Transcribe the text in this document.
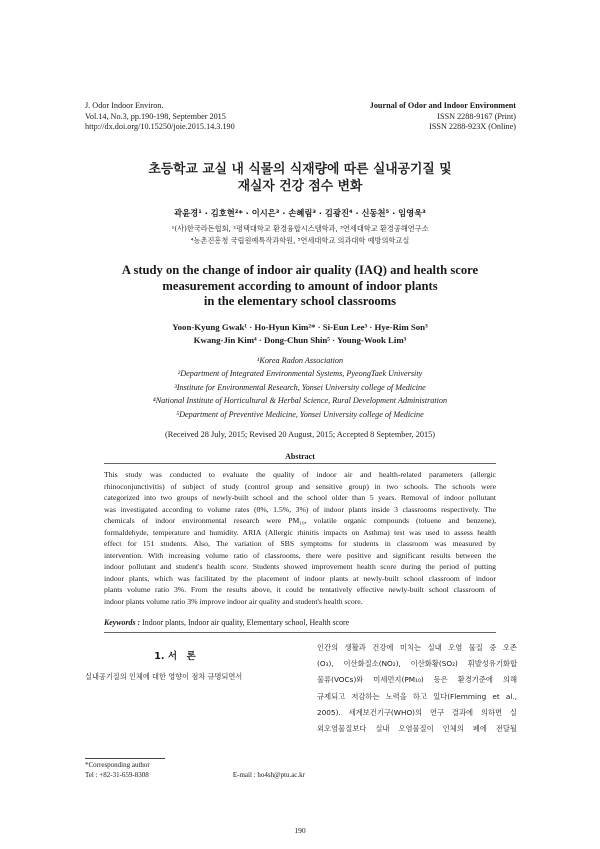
J. Odor Indoor Environ.
Vol.14, No.3, pp.190-198, September 2015
http://dx.doi.org/10.15250/joie.2015.14.3.190
Journal of Odor and Indoor Environment
ISSN 2288-9167 (Print)
ISSN 2288-923X (Online)
초등학교 교실 내 식물의 식재량에 따른 실내공기질 및
재실자 건강 점수 변화
곽윤경¹ · 김호현²* · 이시은³ · 손혜림³ · 김광진⁴ · 신동천⁵ · 임영욱³
¹(사)한국라돈협회, ²평택대학교 환경융합시스템학과, ³연세대학교 환경공해연구소
⁴농촌진흥청 국립원예특작과학원, ⁵연세대학교 의과대학 예방의학교실
A study on the change of indoor air quality (IAQ) and health score
measurement according to amount of indoor plants
in the elementary school classrooms
Yoon-Kyung Gwak¹ · Ho-Hyun Kim²* · Si-Eun Lee³ · Hye-Rim Son³
Kwang-Jin Kim⁴ · Dong-Chun Shin⁵ · Young-Wook Lim³
¹Korea Radon Association
²Department of Integrated Environmental Systems, PyeongTaek University
³Institute for Environmental Research, Yonsei University college of Medicine
⁴National Institute of Horticultural & Herbal Science, Rural Development Administration
⁵Department of Preventive Medicine, Yonsei University college of Medicine
(Received 28 July, 2015; Revised 20 August, 2015; Accepted 8 September, 2015)
Abstract
This study was conducted to evaluate the quality of indoor air and health-related parameters (allergic
rhinoconjunctivitis) of subject of study (control group and sensitive group) in two schools. The schools were
categorized into two groups of newly-built school and the school older than 5 years. Removal of indoor pollutant
was investigated according to volume rates (0%, 1.5%, 3%) of indoor plants inside 3 classrooms respectively. The
chemicals of indoor environmental research were PM₁₀, volatile organic compounds (toluene and benzene),
formaldehyde, temperature and humidity. ARIA (Allergic rhinitis impacts on Asthma) test was used to assess health
effect for 151 students. Also, The variation of SBS symptoms for students in classroom was measured by
intervention. With increasing volume ratio of classrooms, there were positive and significant results between the
indoor pollutant and student's health score. Students showed improvement health score during the period of putting
indoor plants, which was facilitated by the placement of indoor plants at newly-built school classroom of indoor
plants volume ratio 3%. From the results above, it could be tentatively effective newly-built school classroom of
indoor plants volume ratio 3% improve indoor air quality and student's health score.
Keywords : Indoor plants, Indoor air quality, Elementary school, Health score
1. 서　론
실내공기질의 인체에 대한 영향이 점차 규명되면서
*Corresponding author
Tel : +82-31-659-8308	E-mail : ho4sh@ptu.ac.kr
인간의 생활과 건강에 미치는 실내 오염 물질 중 오존
(O₃), 이산화질소(NO₂), 이산화황(SO₂) 휘발성유기화합
물류(VOCs)와 미세먼지(PM₁₀) 등은 환경기준에 의해
규제되고 저감하는 노력을 하고 있다(Flemming et al.,
2005). 세계보건기구(WHO)의 연구 결과에 의하면 실
외오염물질보다 실내 오염물질이 인체의 폐에 전달될
190
